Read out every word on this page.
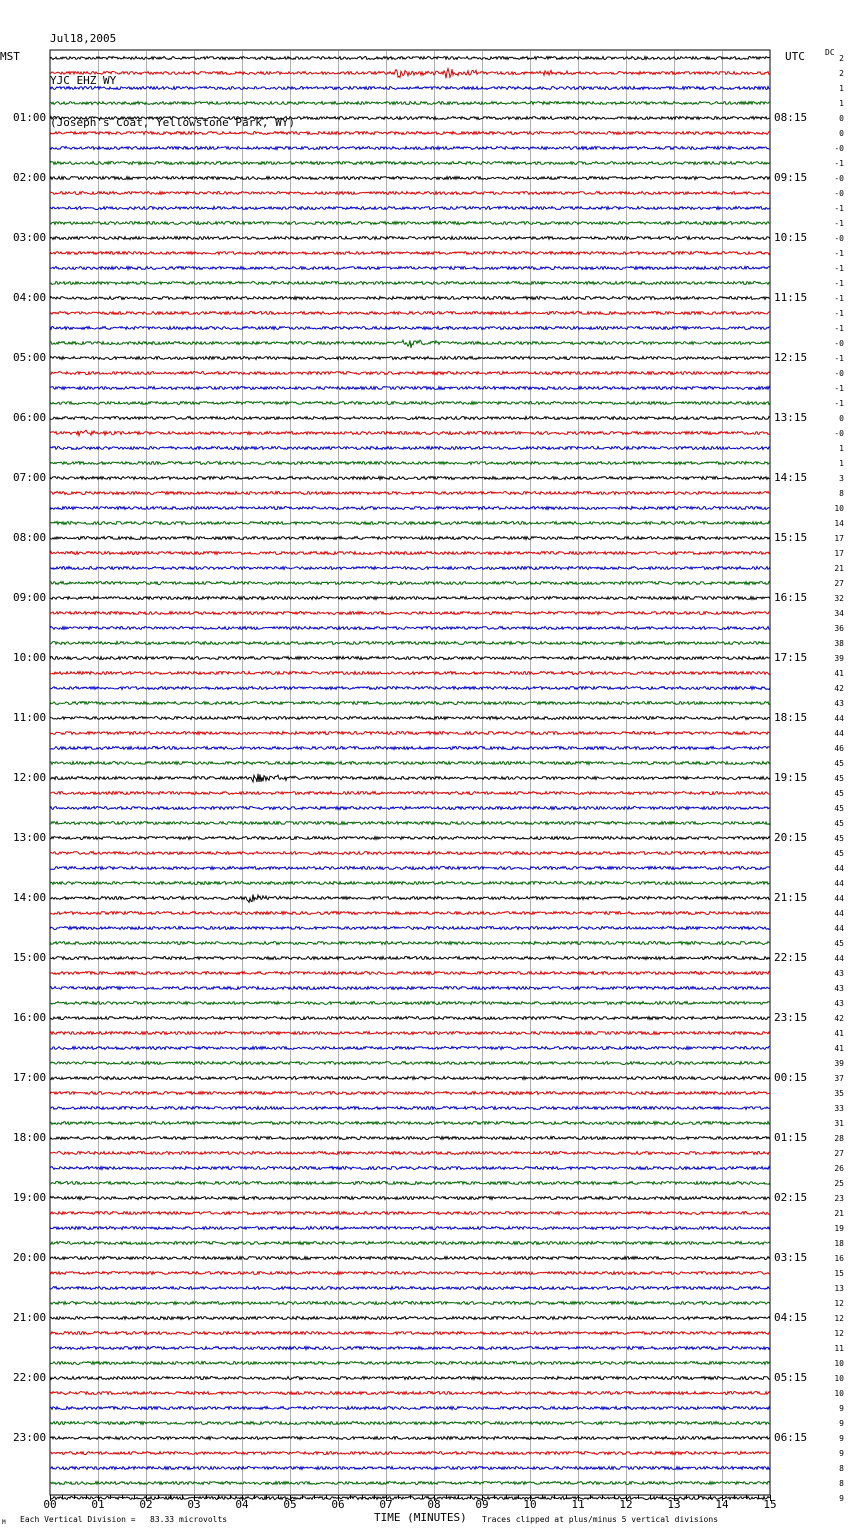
Jul18,2005

YJC EHZ WY

(Joseph's Coat, Yellowstone Park, WY)

MST	UTC	DC
00	01	02	03	04	05	06	07	08	09	10	11	12	13	14	15
01:00
02:00
03:00
04:00
05:00
06:00
07:00
08:00
09:00
10:00
11:00
12:00
13:00
14:00
15:00
16:00
17:00
18:00
19:00
20:00
21:00
22:00
23:00
08:15
09:15
10:15
11:15
12:15
13:15
14:15
15:15
16:15
17:15
18:15
19:15
20:15
21:15
22:15
23:15
00:15
01:15
02:15
03:15
04:15
05:15
06:15
2
2
1
1
0
0
-0
-1
-0
-0
-1
-1
-0
-1
-1
-1
-1
-1
-1
-0
-1
-0
-1
-1
0
-0
1
1
3
8
10
14
17
17
21
27
32
34
36
38
39
41
42
43
44
44
46
45
45
45
45
45
45
45
44
44
44
44
44
45
44
43
43
43
42
41
41
39
37
35
33
31
28
27
26
25
23
21
19
18
16
15
13
12
12
12
11
10
10
10
9
9
9
9
8
8
9
Each Vertical Division =   83.33 microvolts
M	TIME (MINUTES) Traces clipped at plus/minus 5 vertical divisions
